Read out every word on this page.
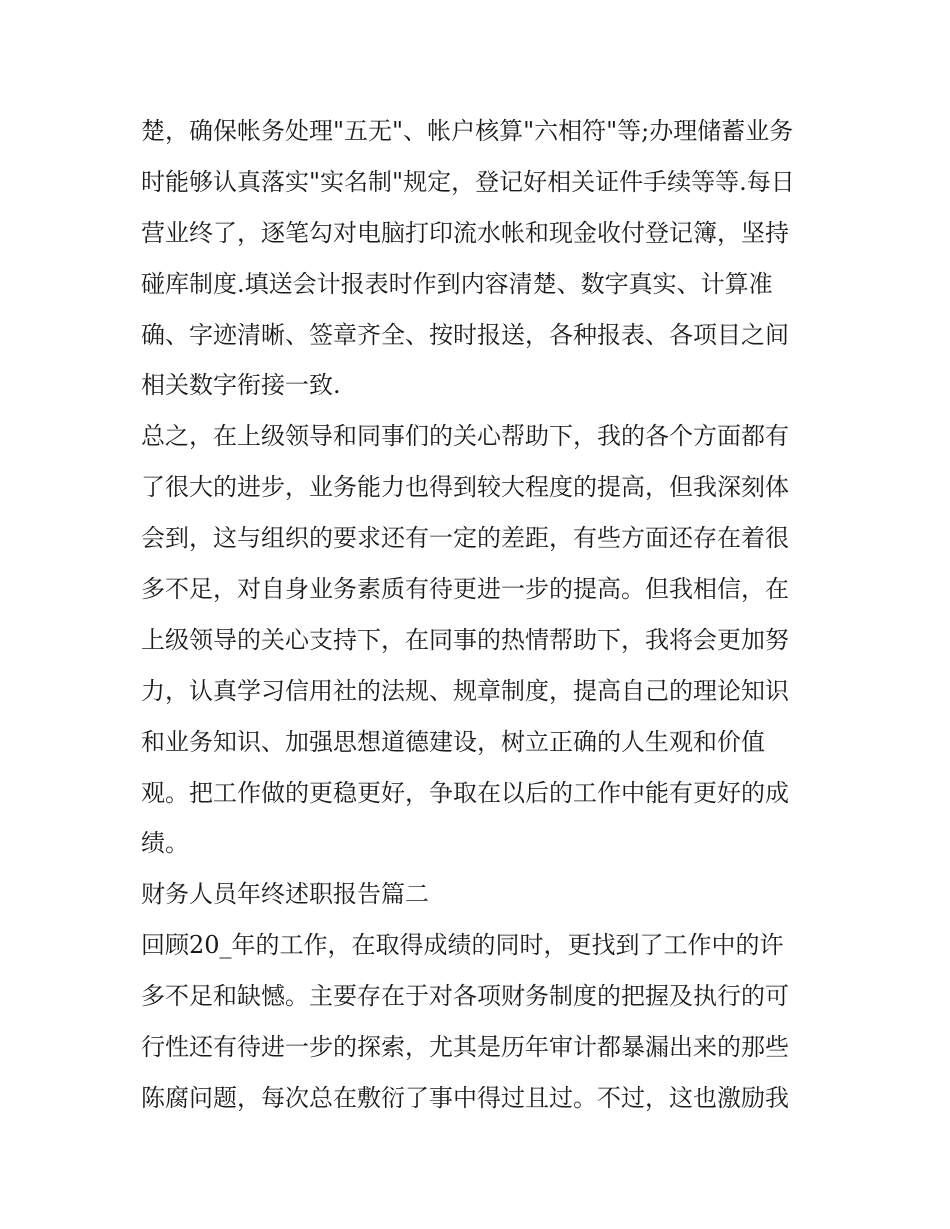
楚，确保帐务处理"五无"、帐户核算"六相符"等;办理储蓄业务
时能够认真落实"实名制"规定，登记好相关证件手续等等.每日
营业终了，逐笔勾对电脑打印流水帐和现金收付登记簿，坚持
碰库制度.填送会计报表时作到内容清楚、数字真实、计算准
确、字迹清晰、签章齐全、按时报送，各种报表、各项目之间
相关数字衔接一致.
总之，在上级领导和同事们的关心帮助下，我的各个方面都有
了很大的进步，业务能力也得到较大程度的提高，但我深刻体
会到，这与组织的要求还有一定的差距，有些方面还存在着很
多不足，对自身业务素质有待更进一步的提高。但我相信，在
上级领导的关心支持下，在同事的热情帮助下，我将会更加努
力，认真学习信用社的法规、规章制度，提高自己的理论知识
和业务知识、加强思想道德建设，树立正确的人生观和价值
观。把工作做的更稳更好，争取在以后的工作中能有更好的成
绩。
财务人员年终述职报告篇二
回顾20_年的工作，在取得成绩的同时，更找到了工作中的许
多不足和缺憾。主要存在于对各项财务制度的把握及执行的可
行性还有待进一步的探索，尤其是历年审计都暴漏出来的那些
陈腐问题，每次总在敷衍了事中得过且过。不过，这也激励我
